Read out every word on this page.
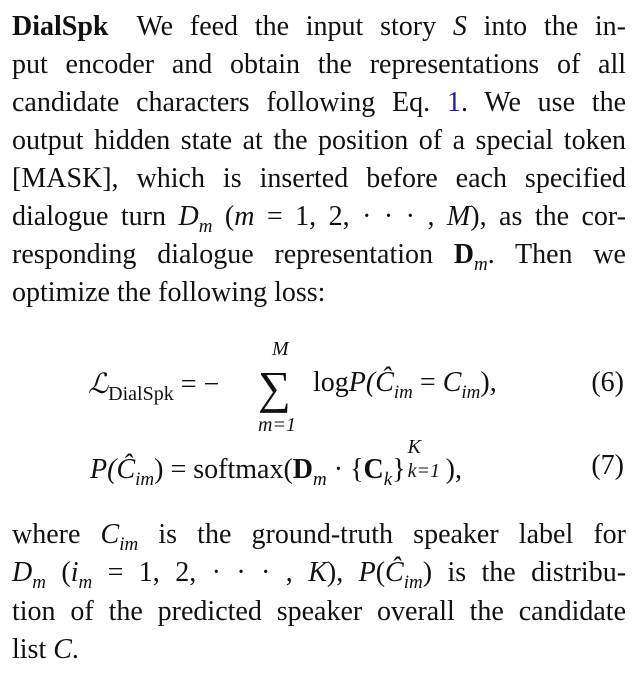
DialSpk We feed the input story S into the in-
put encoder and obtain the representations of all
candidate characters following Eq. 1. We use the
output hidden state at the position of a special token
[MASK], which is inserted before each specified
dialogue turn $D_m$ (m = 1, 2, · · · , M), as the cor-
responding dialogue representation $D_m$. Then we
optimize the following loss:
M
ℒ$_{DialSpk}$ = − ∑ $\log P(Ĉ_{im} = C_{im})$,
m=1
(6)
$P(Ĉ_{im})$ = $softmax(D_m \cdot \{C_k\}$
K
k=1 ),	(7)
where $C_{im}$ is the ground-truth speaker label for
$D_m$ ($i_m = 1$, 2, · · · , K), $P(Ĉ_{im})$ is the distribu-
tion of the predicted speaker overall the candidate
list C.
